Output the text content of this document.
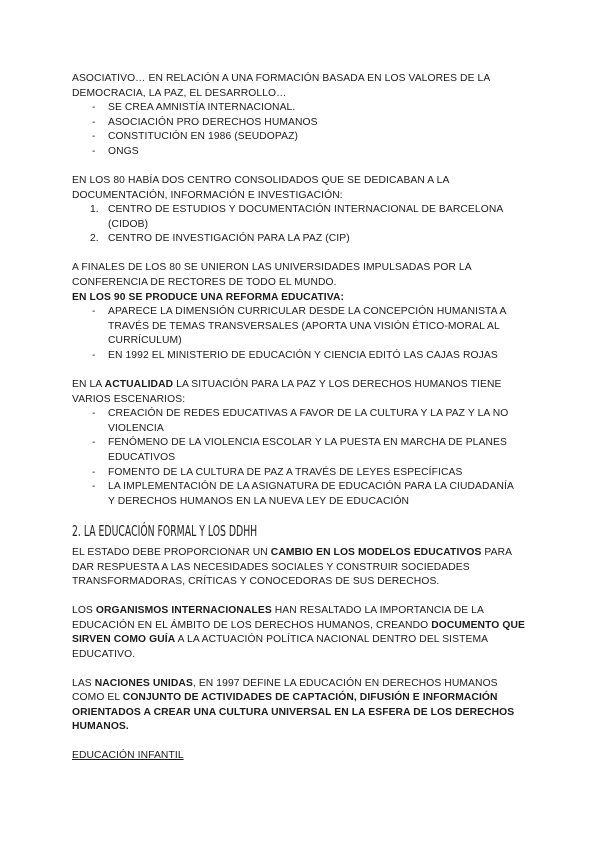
ASOCIATIVO… EN RELACIÓN A UNA FORMACIÓN BASADA EN LOS VALORES DE LA
DEMOCRACIA, LA PAZ, EL DESARROLLO…
- SE CREA AMNISTÍA INTERNACIONAL.
- ASOCIACIÓN PRO DERECHOS HUMANOS
- CONSTITUCIÓN EN 1986 (SEUDOPAZ)
- ONGS
EN LOS 80 HABÍA DOS CENTRO CONSOLIDADOS QUE SE DEDICABAN A LA
DOCUMENTACIÓN, INFORMACIÓN E INVESTIGACIÓN:
1. CENTRO DE ESTUDIOS Y DOCUMENTACIÓN INTERNACIONAL DE BARCELONA
(CIDOB)
2. CENTRO DE INVESTIGACIÓN PARA LA PAZ (CIP)
A FINALES DE LOS 80 SE UNIERON LAS UNIVERSIDADES IMPULSADAS POR LA
CONFERENCIA DE RECTORES DE TODO EL MUNDO.
EN LOS 90 SE PRODUCE UNA REFORMA EDUCATIVA:
- APARECE LA DIMENSIÓN CURRICULAR DESDE LA CONCEPCIÓN HUMANISTA A
TRAVÉS DE TEMAS TRANSVERSALES (APORTA UNA VISIÓN ÉTICO-MORAL AL
CURRÍCULUM)
- EN 1992 EL MINISTERIO DE EDUCACIÓN Y CIENCIA EDITÓ LAS CAJAS ROJAS
EN LA ACTUALIDAD LA SITUACIÓN PARA LA PAZ Y LOS DERECHOS HUMANOS TIENE
VARIOS ESCENARIOS:
- CREACIÓN DE REDES EDUCATIVAS A FAVOR DE LA CULTURA Y LA PAZ Y LA NO
VIOLENCIA
- FENÓMENO DE LA VIOLENCIA ESCOLAR Y LA PUESTA EN MARCHA DE PLANES
EDUCATIVOS
- FOMENTO DE LA CULTURA DE PAZ A TRAVÉS DE LEYES ESPECÍFICAS
- LA IMPLEMENTACIÓN DE LA ASIGNATURA DE EDUCACIÓN PARA LA CIUDADANÍA
Y DERECHOS HUMANOS EN LA NUEVA LEY DE EDUCACIÓN
2. LA EDUCACIÓN FORMAL Y LOS DDHH
EL ESTADO DEBE PROPORCIONAR UN CAMBIO EN LOS MODELOS EDUCATIVOS PARA
DAR RESPUESTA A LAS NECESIDADES SOCIALES Y CONSTRUIR SOCIEDADES
TRANSFORMADORAS, CRÍTICAS Y CONOCEDORAS DE SUS DERECHOS.
LOS ORGANISMOS INTERNACIONALES HAN RESALTADO LA IMPORTANCIA DE LA
EDUCACIÓN EN EL ÁMBITO DE LOS DERECHOS HUMANOS, CREANDO DOCUMENTO QUE
SIRVEN COMO GUÍA A LA ACTUACIÓN POLÍTICA NACIONAL DENTRO DEL SISTEMA
EDUCATIVO.
LAS NACIONES UNIDAS, EN 1997 DEFINE LA EDUCACIÓN EN DERECHOS HUMANOS
COMO EL CONJUNTO DE ACTIVIDADES DE CAPTACIÓN, DIFUSIÓN E INFORMACIÓN
ORIENTADOS A CREAR UNA CULTURA UNIVERSAL EN LA ESFERA DE LOS DERECHOS
HUMANOS.
EDUCACIÓN INFANTIL
